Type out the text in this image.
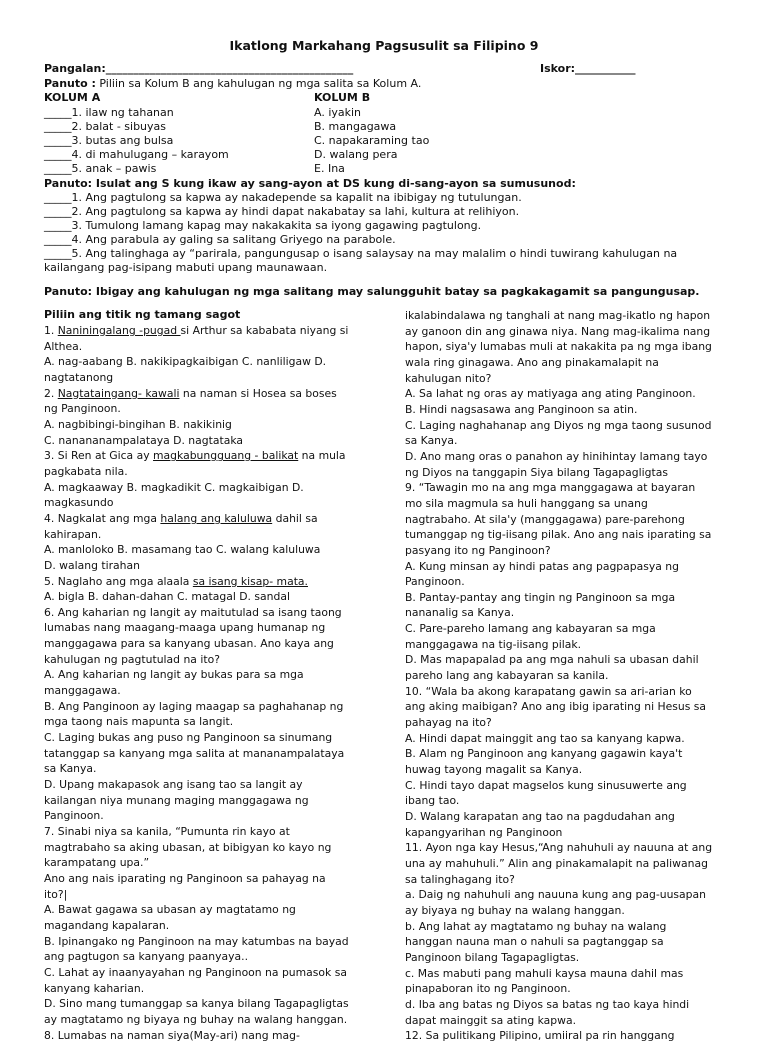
Ikatlong Markahang Pagsusulit sa Filipino 9
Pangalan:_____________________________________________	Iskor:___________
Panuto : Piliin sa Kolum B ang kahulugan ng mga salita sa Kolum A.
KOLUM A	KOLUM B
_____1. ilaw ng tahanan
_____2. balat - sibuyas
_____3. butas ang bulsa
_____4. di mahulugang – karayom
_____5. anak – pawis
A. iyakin
B. mangagawa
C. napakaraming tao
D. walang pera
E. Ina
Panuto: Isulat ang S kung ikaw ay sang-ayon at DS kung di-sang-ayon sa sumusunod:
_____1. Ang pagtulong sa kapwa ay nakadepende sa kapalit na ibibigay ng tutulungan.
_____2. Ang pagtulong sa kapwa ay hindi dapat nakabatay sa lahi, kultura at relihiyon.
_____3. Tumulong lamang kapag may nakakakita sa iyong gagawing pagtulong.
_____4. Ang parabula ay galing sa salitang Griyego na parabole.
_____5. Ang talinghaga ay “parirala, pangungusap o isang salaysay na may malalim o hindi tuwirang kahulugan na
kailangang pag-isipang mabuti upang maunawaan.
Panuto: Ibigay ang kahulugan ng mga salitang may salungguhit batay sa pagkakagamit sa pangungusap.
Piliin ang titik ng tamang sagot
1. Naniningalang -pugad si Arthur sa kababata niyang si
Althea.
A. nag-aabang B. nakikipagkaibigan C. nanliligaw D.
nagtatanong
2. Nagtataingang- kawali na naman si Hosea sa boses
ng Panginoon.
A. nagbibingi-bingihan B. nakikinig
C. nanananampalataya D. nagtataka
3. Si Ren at Gica ay magkabungguang - balikat na mula
pagkabata nila.
A. magkaaway B. magkadikit C. magkaibigan D.
magkasundo
4. Nagkalat ang mga halang ang kaluluwa dahil sa
kahirapan.
A. manloloko B. masamang tao C. walang kaluluwa
D. walang tirahan
5. Naglaho ang mga alaala sa isang kisap- mata.
A. bigla B. dahan-dahan C. matagal D. sandal
6. Ang kaharian ng langit ay maitutulad sa isang taong
lumabas nang maagang-maaga upang humanap ng
manggagawa para sa kanyang ubasan. Ano kaya ang
kahulugan ng pagtutulad na ito?
A. Ang kaharian ng langit ay bukas para sa mga
manggagawa.
B. Ang Panginoon ay laging maagap sa paghahanap ng
mga taong nais mapunta sa langit.
C. Laging bukas ang puso ng Panginoon sa sinumang
tatanggap sa kanyang mga salita at mananampalataya
sa Kanya.
D. Upang makapasok ang isang tao sa langit ay
kailangan niya munang maging manggagawa ng
Panginoon.
7. Sinabi niya sa kanila, “Pumunta rin kayo at
magtrabaho sa aking ubasan, at bibigyan ko kayo ng
karampatang upa.”
Ano ang nais iparating ng Panginoon sa pahayag na
ito?|
A. Bawat gagawa sa ubasan ay magtatamo ng
magandang kapalaran.
B. Ipinangako ng Panginoon na may katumbas na bayad
ang pagtugon sa kanyang paanyaya..
C. Lahat ay inaanyayahan ng Panginoon na pumasok sa
kanyang kaharian.
D. Sino mang tumanggap sa kanya bilang Tagapagligtas
ay magtatamo ng biyaya ng buhay na walang hanggan.
8. Lumabas na naman siya(May-ari) nang mag-
ikalabindalawa ng tanghali at nang mag-ikatlo ng hapon
ay ganoon din ang ginawa niya. Nang mag-ikalima nang
hapon, siya'y lumabas muli at nakakita pa ng mga ibang
wala ring ginagawa. Ano ang pinakamalapit na
kahulugan nito?
A. Sa lahat ng oras ay matiyaga ang ating Panginoon.
B. Hindi nagsasawa ang Panginoon sa atin.
C. Laging naghahanap ang Diyos ng mga taong susunod
sa Kanya.
D. Ano mang oras o panahon ay hinihintay lamang tayo
ng Diyos na tanggapin Siya bilang Tagapagligtas
9. “Tawagin mo na ang mga manggagawa at bayaran
mo sila magmula sa huli hanggang sa unang
nagtrabaho. At sila'y (manggagawa) pare-parehong
tumanggap ng tig-iisang pilak. Ano ang nais iparating sa
pasyang ito ng Panginoon?
A. Kung minsan ay hindi patas ang pagpapasya ng
Panginoon.
B. Pantay-pantay ang tingin ng Panginoon sa mga
nananalig sa Kanya.
C. Pare-pareho lamang ang kabayaran sa mga
manggagawa na tig-iisang pilak.
D. Mas mapapalad pa ang mga nahuli sa ubasan dahil
pareho lang ang kabayaran sa kanila.
10. “Wala ba akong karapatang gawin sa ari-arian ko
ang aking maibigan? Ano ang ibig iparating ni Hesus sa
pahayag na ito?
A. Hindi dapat mainggit ang tao sa kanyang kapwa.
B. Alam ng Panginoon ang kanyang gagawin kaya't
huwag tayong magalit sa Kanya.
C. Hindi tayo dapat magselos kung sinusuwerte ang
ibang tao.
D. Walang karapatan ang tao na pagdudahan ang
kapangyarihan ng Panginoon
11. Ayon nga kay Hesus,“Ang nahuhuli ay nauuna at ang
una ay mahuhuli.” Alin ang pinakamalapit na paliwanag
sa talinghagang ito?
a. Daig ng nahuhuli ang nauuna kung ang pag-uusapan
ay biyaya ng buhay na walang hanggan.
b. Ang lahat ay magtatamo ng buhay na walang
hanggan nauna man o nahuli sa pagtanggap sa
Panginoon bilang Tagapagligtas.
c. Mas mabuti pang mahuli kaysa mauna dahil mas
pinapaboran ito ng Panginoon.
d. Iba ang batas ng Diyos sa batas ng tao kaya hindi
dapat mainggit sa ating kapwa.
12. Sa pulitikang Pilipino, umiiral pa rin hanggang
